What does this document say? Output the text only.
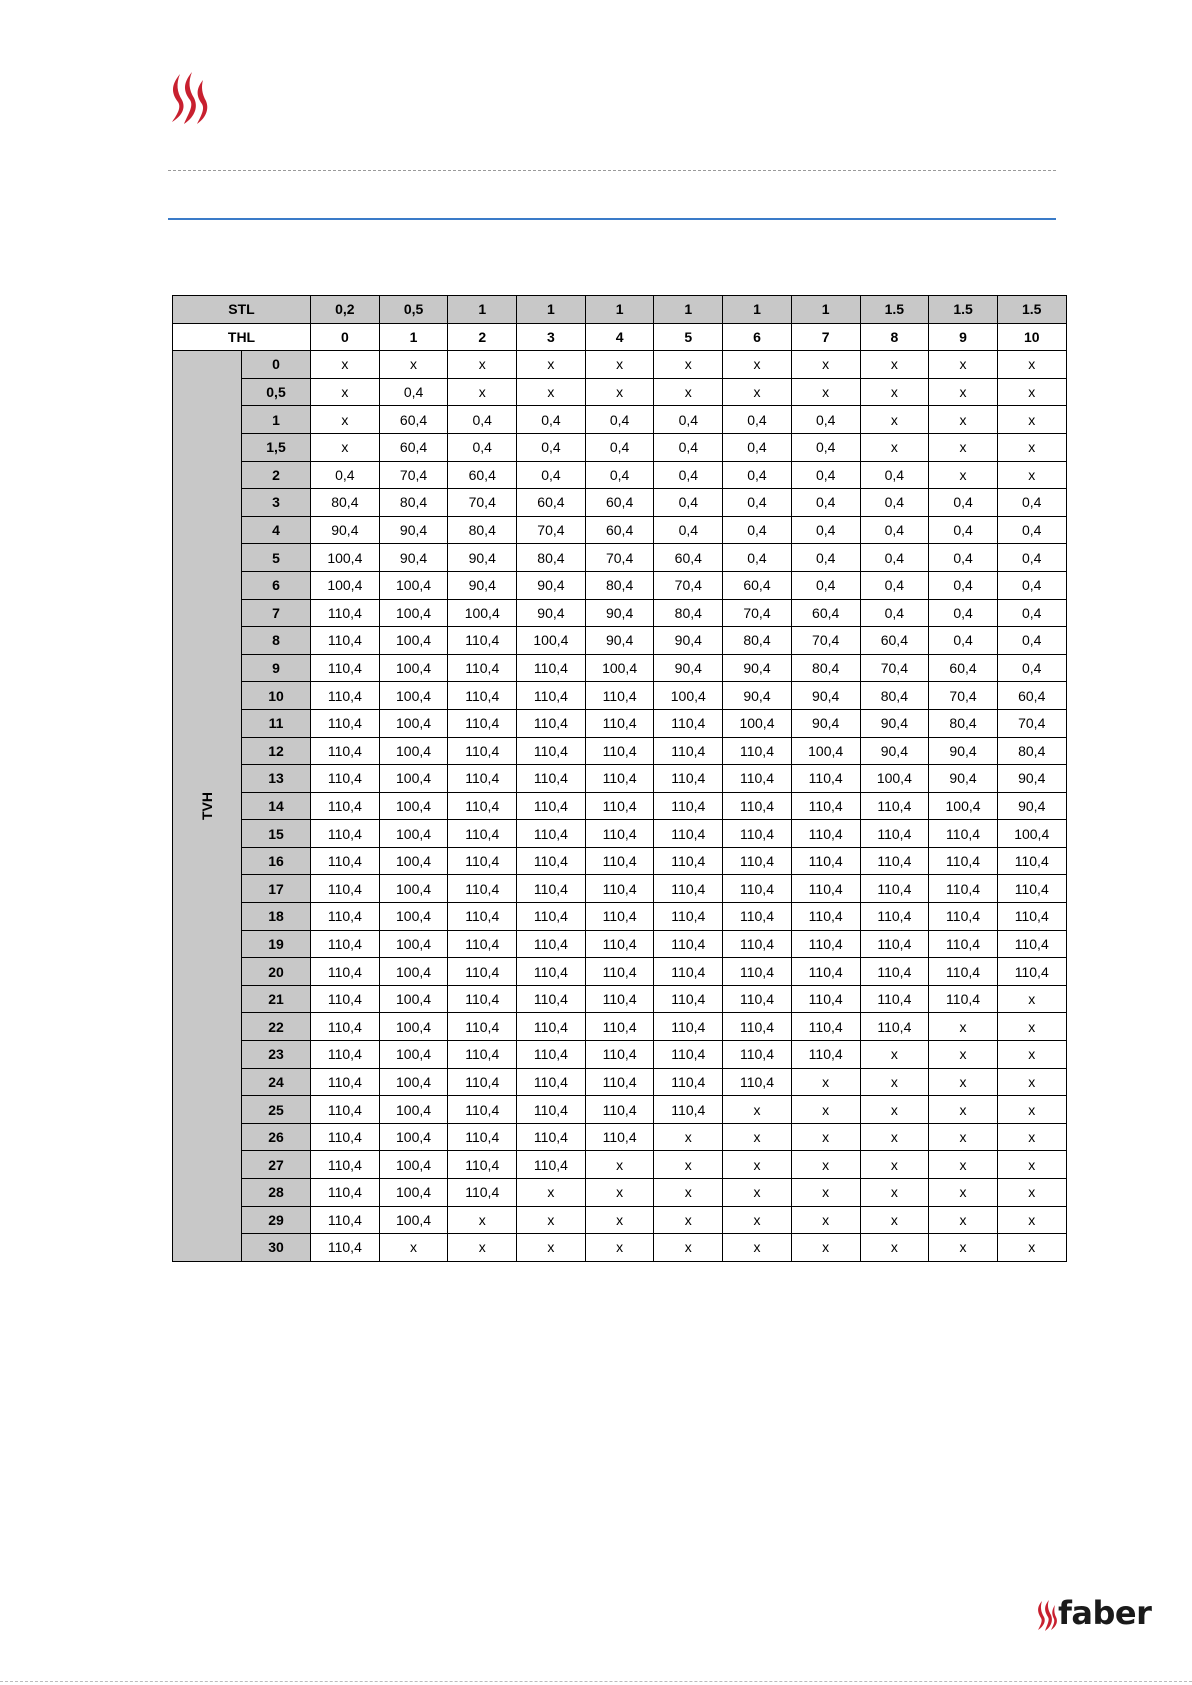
STL		0,2	0,5	1	1	1	1	1	1	1.5	1.5	1.5
THL		0	1	2	3	4	5	6	7	8	9	10
TVH	0	x	x	x	x	x	x	x	x	x	x	x
	0,5	x	0,4	x	x	x	x	x	x	x	x	x
	1	x	60,4	0,4	0,4	0,4	0,4	0,4	0,4	x	x	x
	1,5	x	60,4	0,4	0,4	0,4	0,4	0,4	0,4	x	x	x
	2	0,4	70,4	60,4	0,4	0,4	0,4	0,4	0,4	0,4	x	x
	3	80,4	80,4	70,4	60,4	60,4	0,4	0,4	0,4	0,4	0,4	0,4
	4	90,4	90,4	80,4	70,4	60,4	0,4	0,4	0,4	0,4	0,4	0,4
	5	100,4	90,4	90,4	80,4	70,4	60,4	0,4	0,4	0,4	0,4	0,4
	6	100,4	100,4	90,4	90,4	80,4	70,4	60,4	0,4	0,4	0,4	0,4
	7	110,4	100,4	100,4	90,4	90,4	80,4	70,4	60,4	0,4	0,4	0,4
	8	110,4	100,4	110,4	100,4	90,4	90,4	80,4	70,4	60,4	0,4	0,4
	9	110,4	100,4	110,4	110,4	100,4	90,4	90,4	80,4	70,4	60,4	0,4
	10	110,4	100,4	110,4	110,4	110,4	100,4	90,4	90,4	80,4	70,4	60,4
	11	110,4	100,4	110,4	110,4	110,4	110,4	100,4	90,4	90,4	80,4	70,4
	12	110,4	100,4	110,4	110,4	110,4	110,4	110,4	100,4	90,4	90,4	80,4
	13	110,4	100,4	110,4	110,4	110,4	110,4	110,4	110,4	100,4	90,4	90,4
	14	110,4	100,4	110,4	110,4	110,4	110,4	110,4	110,4	110,4	100,4	90,4
	15	110,4	100,4	110,4	110,4	110,4	110,4	110,4	110,4	110,4	110,4	100,4
	16	110,4	100,4	110,4	110,4	110,4	110,4	110,4	110,4	110,4	110,4	110,4
	17	110,4	100,4	110,4	110,4	110,4	110,4	110,4	110,4	110,4	110,4	110,4
	18	110,4	100,4	110,4	110,4	110,4	110,4	110,4	110,4	110,4	110,4	110,4
	19	110,4	100,4	110,4	110,4	110,4	110,4	110,4	110,4	110,4	110,4	110,4
	20	110,4	100,4	110,4	110,4	110,4	110,4	110,4	110,4	110,4	110,4	110,4
	21	110,4	100,4	110,4	110,4	110,4	110,4	110,4	110,4	110,4	110,4	x
	22	110,4	100,4	110,4	110,4	110,4	110,4	110,4	110,4	110,4	x	x
	23	110,4	100,4	110,4	110,4	110,4	110,4	110,4	110,4	x	x	x
	24	110,4	100,4	110,4	110,4	110,4	110,4	110,4	x	x	x	x
	25	110,4	100,4	110,4	110,4	110,4	110,4	x	x	x	x	x
	26	110,4	100,4	110,4	110,4	110,4	x	x	x	x	x	x
	27	110,4	100,4	110,4	110,4	x	x	x	x	x	x	x
	28	110,4	100,4	110,4	x	x	x	x	x	x	x	x
	29	110,4	100,4	x	x	x	x	x	x	x	x	x
	30	110,4	x	x	x	x	x	x	x	x	x	x
faber
